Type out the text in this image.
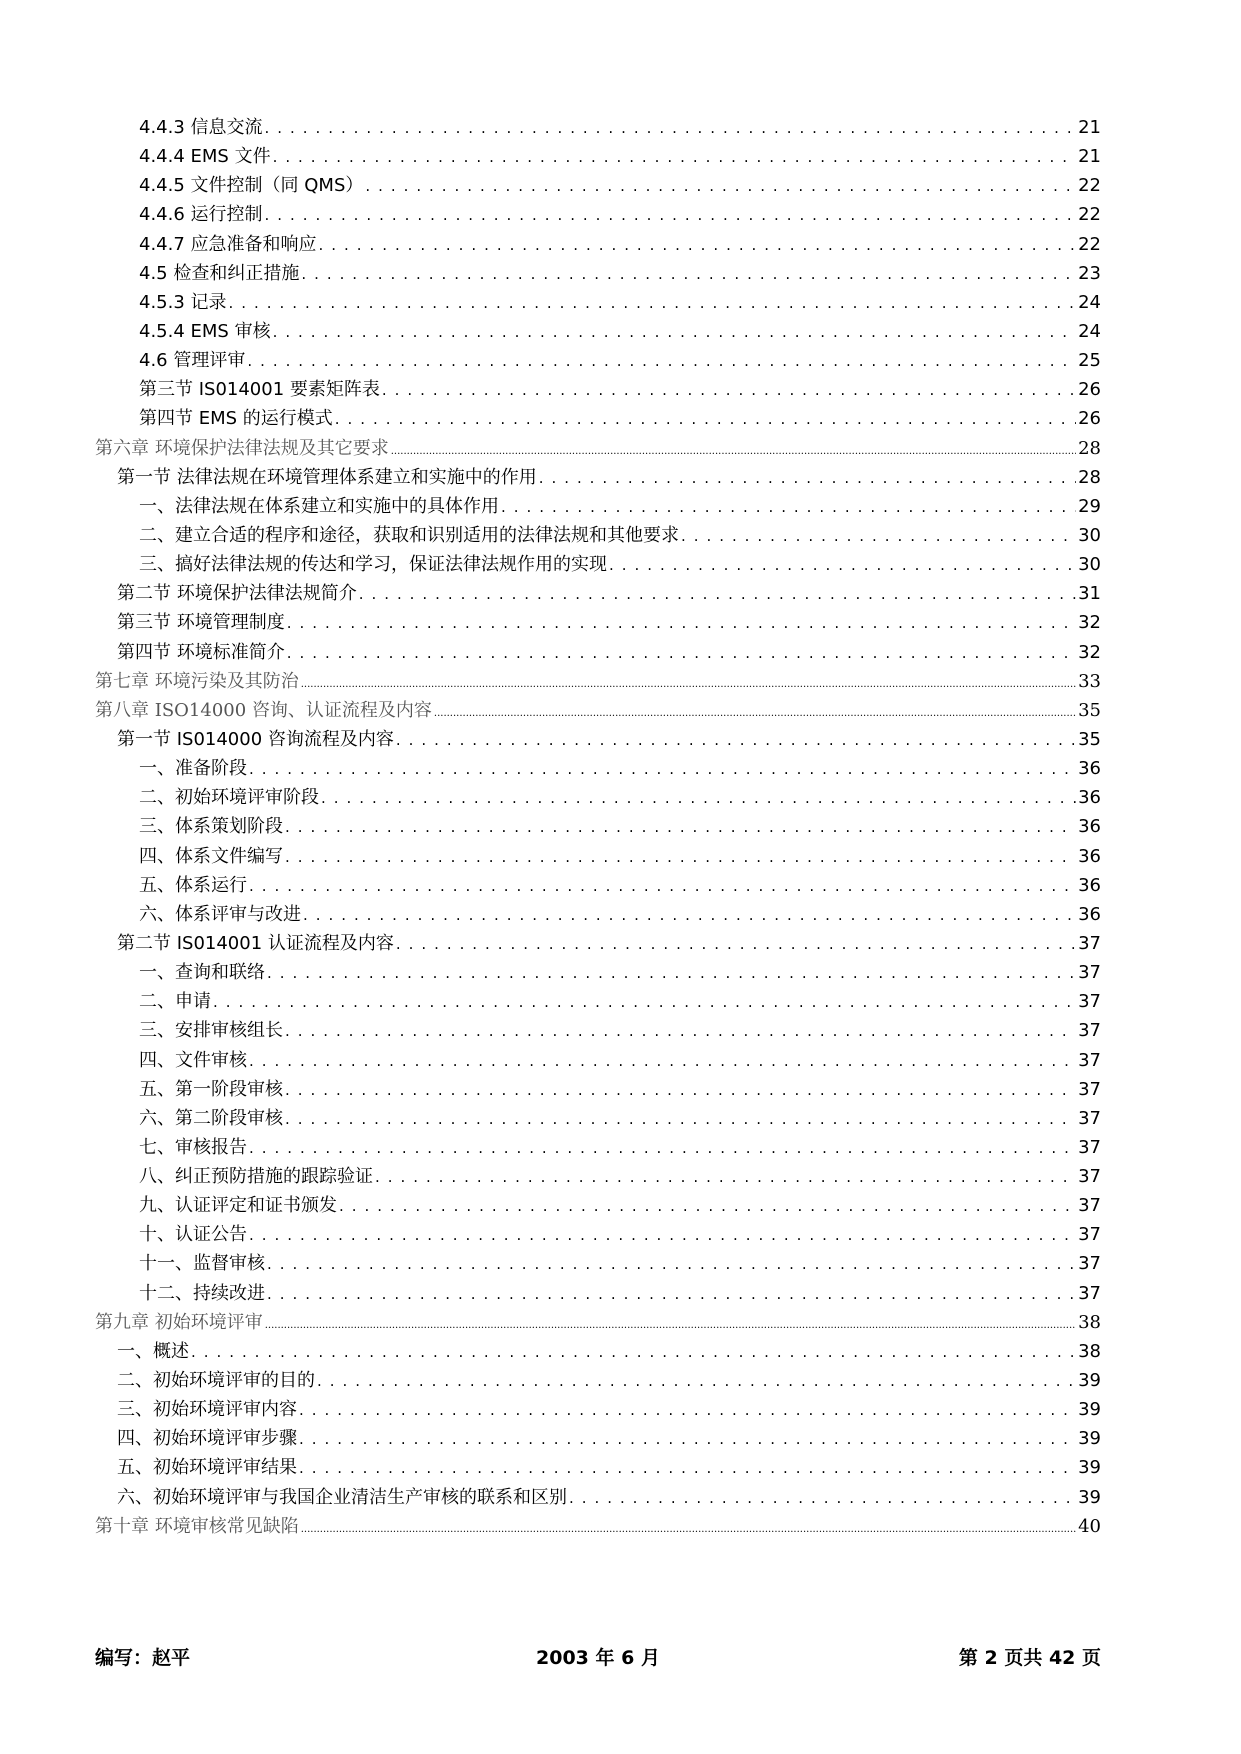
4.4.3 信息交流 . . .	21
4.4.4 EMS 文件 . . .	21
4.4.5 文件控制（同 QMS） . . .	22
4.4.6 运行控制 . . .	22
4.4.7 应急准备和响应 . . .	22
4.5 检查和纠正措施 . . .	23
4.5.3 记录 . . .	24
4.5.4 EMS 审核 . . .	24
4.6 管理评审 . . .	25
第三节 IS014001 要素矩阵表 . . .	26
第四节 EMS 的运行模式 . . .	26
第六章 环境保护法律法规及其它要求 .....	28
第一节 法律法规在环境管理体系建立和实施中的作用 . . .	28
一、法律法规在体系建立和实施中的具体作用 . . .	29
二、建立合适的程序和途径，获取和识别适用的法律法规和其他要求 . . .	30
三、搞好法律法规的传达和学习，保证法律法规作用的实现 . . .	30
第二节 环境保护法律法规简介 . . .	31
第三节 环境管理制度 . . .	32
第四节 环境标准简介 . . .	32
第七章 环境污染及其防治 .....	33
第八章 ISO14000 咨询、认证流程及内容 .....	35
第一节 IS014000 咨询流程及内容 . . .	35
一、准备阶段 . . .	36
二、初始环境评审阶段 . . .	36
三、体系策划阶段 . . .	36
四、体系文件编写 . . .	36
五、体系运行 . . .	36
六、体系评审与改进 . . .	36
第二节 IS014001 认证流程及内容 . . .	37
一、查询和联络 . . .	37
二、申请 . . .	37
三、安排审核组长 . . .	37
四、文件审核 . . .	37
五、第一阶段审核 . . .	37
六、第二阶段审核 . . .	37
七、审核报告 . . .	37
八、纠正预防措施的跟踪验证 . . .	37
九、认证评定和证书颁发 . . .	37
十、认证公告 . . .	37
十一、监督审核 . . .	37
十二、持续改进 . . .	37
第九章 初始环境评审 .....	38
一、概述 . . .	38
二、初始环境评审的目的 . . .	39
三、初始环境评审内容 . . .	39
四、初始环境评审步骤 . . .	39
五、初始环境评审结果 . . .	39
六、初始环境评审与我国企业清洁生产审核的联系和区别 . . .	39
第十章 环境审核常见缺陷 .....	40
编写：赵平	2003 年 6 月	第 2 页共 42 页
